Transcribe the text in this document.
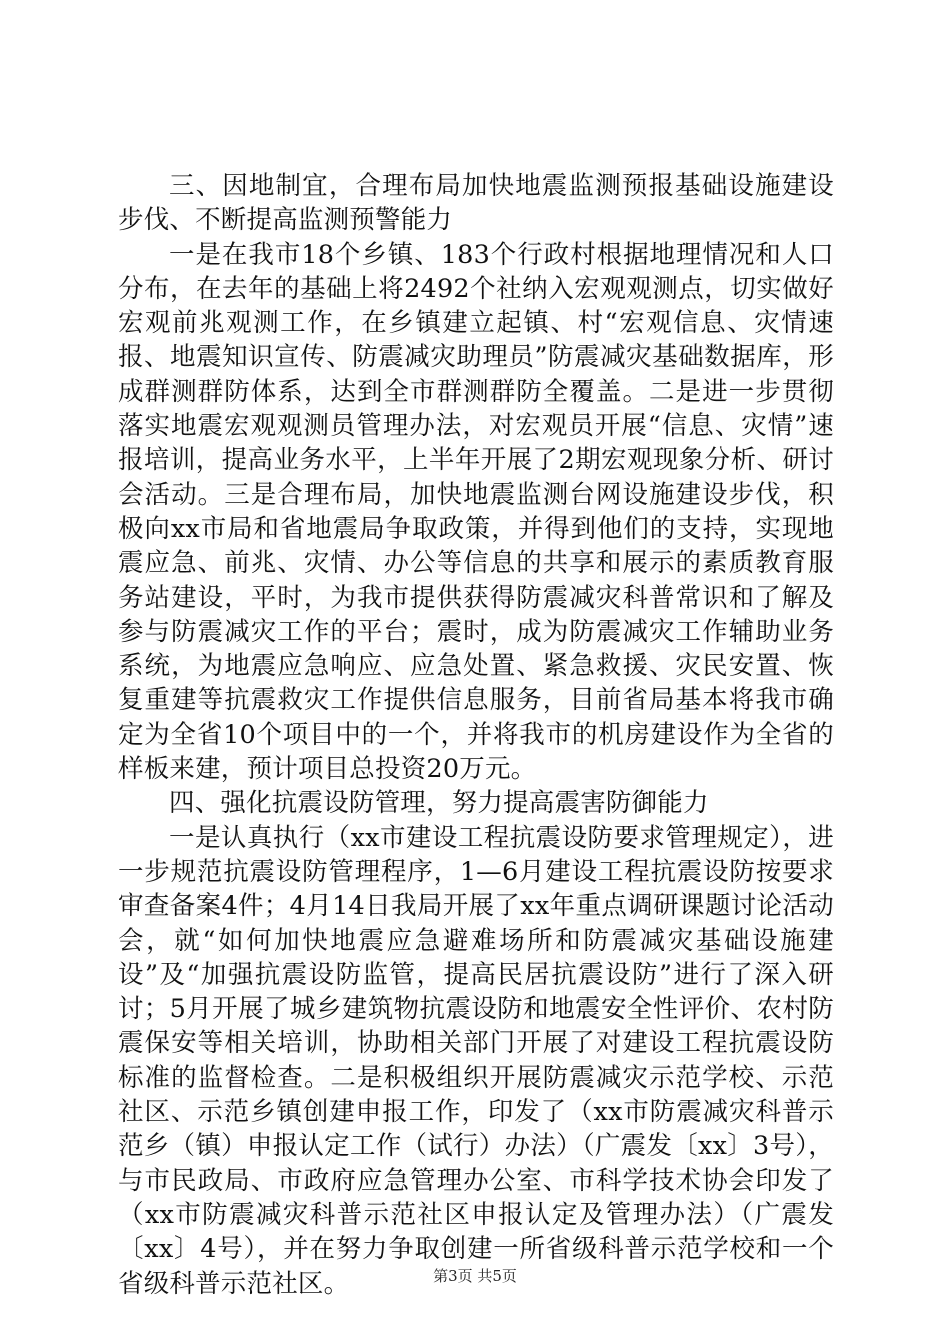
三、因地制宜，合理布局加快地震监测预报基础设施建设步伐、不断提高监测预警能力

一是在我市18个乡镇、183个行政村根据地理情况和人口分布，在去年的基础上将2492个社纳入宏观观测点，切实做好宏观前兆观测工作，在乡镇建立起镇、村“宏观信息、灾情速报、地震知识宣传、防震减灾助理员”防震减灾基础数据库，形成群测群防体系，达到全市群测群防全覆盖。二是进一步贯彻落实地震宏观观测员管理办法，对宏观员开展“信息、灾情”速报培训，提高业务水平，上半年开展了2期宏观现象分析、研讨会活动。三是合理布局，加快地震监测台网设施建设步伐，积极向xx市局和省地震局争取政策，并得到他们的支持，实现地震应急、前兆、灾情、办公等信息的共享和展示的素质教育服务站建设，平时，为我市提供获得防震减灾科普常识和了解及参与防震减灾工作的平台；震时，成为防震减灾工作辅助业务系统，为地震应急响应、应急处置、紧急救援、灾民安置、恢复重建等抗震救灾工作提供信息服务，目前省局基本将我市确定为全省10个项目中的一个，并将我市的机房建设作为全省的样板来建，预计项目总投资20万元。

四、强化抗震设防管理，努力提高震害防御能力

一是认真执行（xx市建设工程抗震设防要求管理规定），进一步规范抗震设防管理程序，1—6月建设工程抗震设防按要求审查备案4件；4月14日我局开展了xx年重点调研课题讨论活动会，就“如何加快地震应急避难场所和防震减灾基础设施建设”及“加强抗震设防监管，提高民居抗震设防”进行了深入研讨；5月开展了城乡建筑物抗震设防和地震安全性评价、农村防震保安等相关培训，协助相关部门开展了对建设工程抗震设防标准的监督检查。二是积极组织开展防震减灾示范学校、示范社区、示范乡镇创建申报工作，印发了（xx市防震减灾科普示范乡（镇）申报认定工作（试行）办法）（广震发〔xx〕3号），与市民政局、市政府应急管理办公室、市科学技术协会印发了（xx市防震减灾科普示范社区申报认定及管理办法）（广震发〔xx〕4号），并在努力争取创建一所省级科普示范学校和一个省级科普示范社区。	第3页 共5页
